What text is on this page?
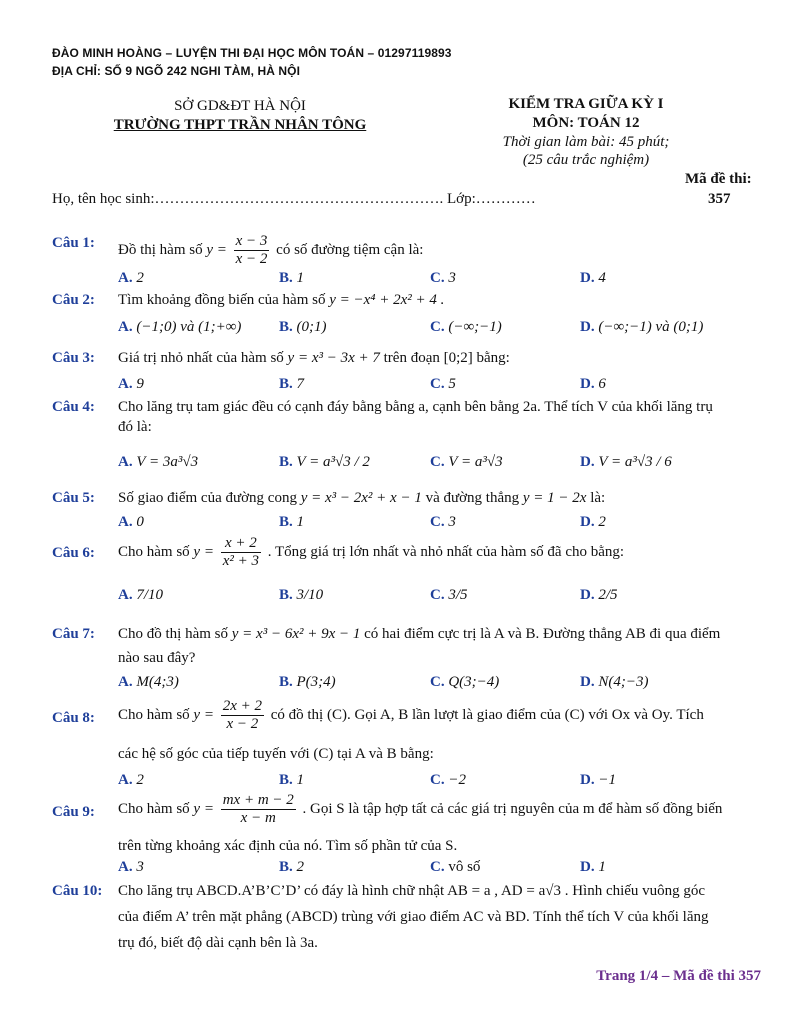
ĐÀO MINH HOÀNG – LUYỆN THI ĐẠI HỌC MÔN TOÁN – 01297119893
ĐỊA CHỈ: SỐ 9 NGÕ 242 NGHI TÀM, HÀ NỘI
SỞ GD&ĐT HÀ NỘI
TRƯỜNG THPT TRẦN NHÂN TÔNG
KIỂM TRA GIỮA KỲ I
MÔN: TOÁN 12
Thời gian làm bài: 45 phút;
(25 câu trắc nghiệm)
Mã đề thi:
357
Họ, tên học sinh:…………………………………………………. Lớp:…………
Câu 1: Đồ thị hàm số $y = \frac{x - 3}{x - 2}$ có số đường tiệm cận là:
A. 2	B. 1	C. 3	D. 4
Câu 2: Tìm khoảng đồng biến của hàm số y = −x⁴ + 2x² + 4 .
A. (−1;0) và (1;+∞)	B. (0;1)	C. (−∞;−1)	D. (−∞;−1) và (0;1)
Câu 3: Giá trị nhỏ nhất của hàm số y = x³ − 3x + 7 trên đoạn [0;2] bằng:
A. 9	B. 7	C. 5	D. 6
Câu 4: Cho lăng trụ tam giác đều có cạnh đáy bằng bằng a, cạnh bên bằng 2a. Thể tích V của khối lăng trụ
đó là:
A. V = 3a³√3	B. V = a³√3 / 2	C. V = a³√3	D. V = a³√3 / 6
Câu 5: Số giao điểm của đường cong y = x³ − 2x² + x − 1 và đường thẳng y = 1 − 2x là:
A. 0	B. 1	C. 3	D. 2
Câu 6: Cho hàm số $y = \frac{x + 2}{\text{x² + 3}}$ . Tổng giá trị lớn nhất và nhỏ nhất của hàm số đã cho bằng:
A. 7/10	B. 3/10	C. 3/5	D. 2/5
Câu 7: Cho đồ thị hàm số y = x³ − 6x² + 9x − 1 có hai điểm cực trị là A và B. Đường thẳng AB đi qua điểm
nào sau đây?
A. M(4;3)	B. P(3;4)	C. Q(3;−4)	D. N(4;−3)
Câu 8: Cho hàm số $y = \frac{2x + 2}{x - 2}$ có đồ thị (C). Gọi A, B lần lượt là giao điểm của (C) với Ox và Oy. Tích
các hệ số góc của tiếp tuyến với (C) tại A và B bằng:
A. 2	B. 1	C. −2	D. −1
Câu 9: Cho hàm số $y = \frac{mx + m - 2}{x - m}$ . Gọi S là tập hợp tất cả các giá trị nguyên của m để hàm số đồng biến
trên từng khoảng xác định của nó. Tìm số phần tử của S.
A. 3	B. 2	C. vô số	D. 1
Câu 10: Cho lăng trụ ABCD.A’B’C’D’ có đáy là hình chữ nhật AB = a , AD = a√3 . Hình chiếu vuông góc
của điểm A’ trên mặt phẳng (ABCD) trùng với giao điểm AC và BD. Tính thể tích V của khối lăng
trụ đó, biết độ dài cạnh bên là 3a.
Trang 1/4 – Mã đề thi 357
